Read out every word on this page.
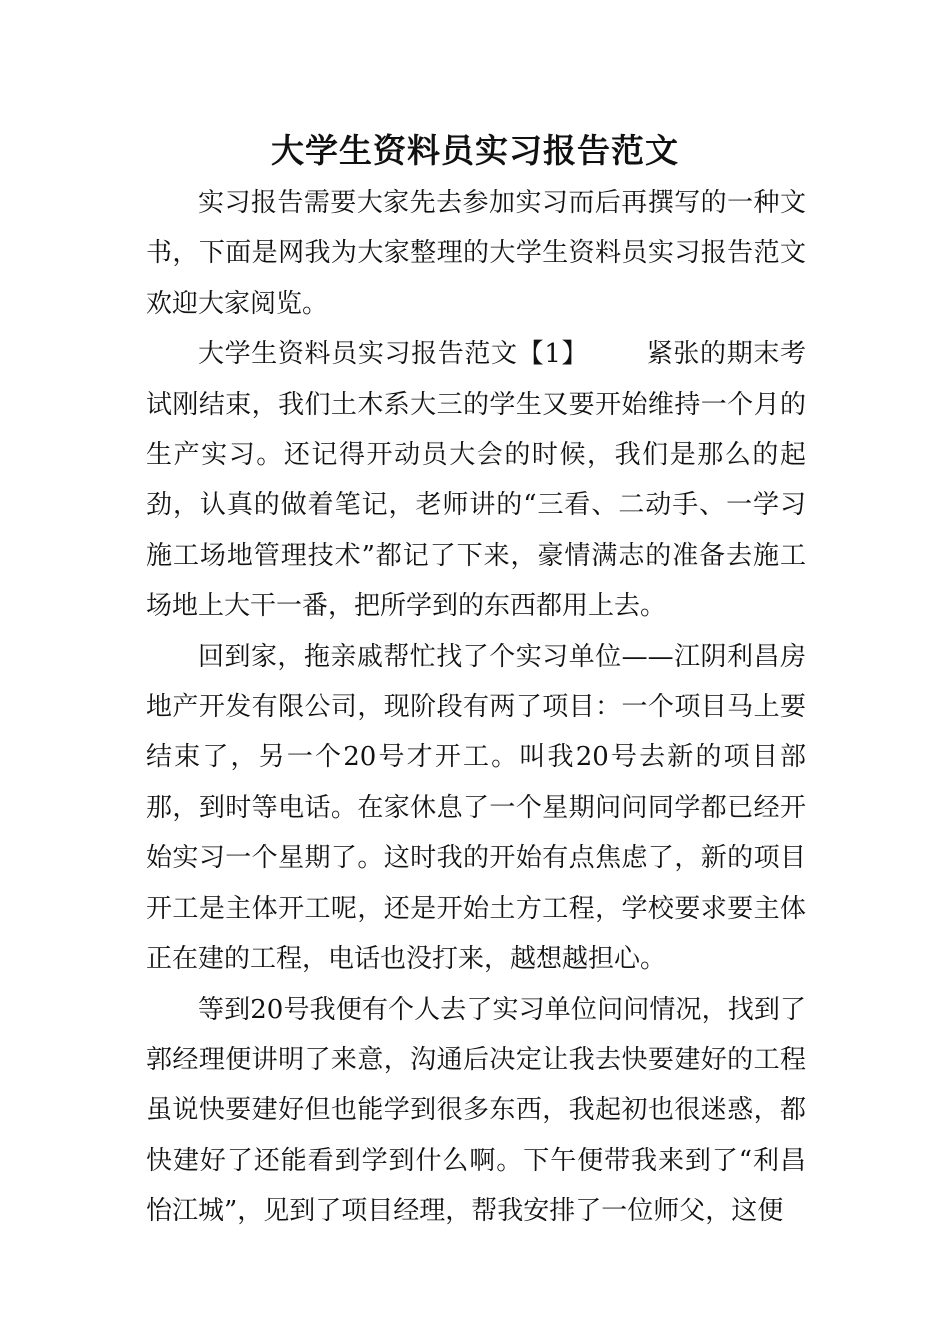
大学生资料员实习报告范文

实习报告需要大家先去参加实习而后再撰写的一种文书，下面是网我为大家整理的大学生资料员实习报告范文欢迎大家阅览。

大学生资料员实习报告范文【1】 紧张的期末考试刚结束，我们土木系大三的学生又要开始维持一个月的生产实习。还记得开动员大会的时候，我们是那么的起劲，认真的做着笔记，老师讲的“三看、二动手、一学习施工场地管理技术”都记了下来，豪情满志的准备去施工场地上大干一番，把所学到的东西都用上去。

回到家，拖亲戚帮忙找了个实习单位——江阴利昌房地产开发有限公司，现阶段有两了项目：一个项目马上要结束了，另一个20号才开工。叫我20号去新的项目部那，到时等电话。在家休息了一个星期问问同学都已经开始实习一个星期了。这时我的开始有点焦虑了，新的项目开工是主体开工呢，还是开始土方工程，学校要求要主体正在建的工程，电话也没打来，越想越担心。

等到20号我便有个人去了实习单位问问情况，找到了郭经理便讲明了来意，沟通后决定让我去快要建好的工程虽说快要建好但也能学到很多东西，我起初也很迷惑，都快建好了还能看到学到什么啊。下午便带我来到了“利昌怡江城”，见到了项目经理，帮我安排了一位师父，这便
